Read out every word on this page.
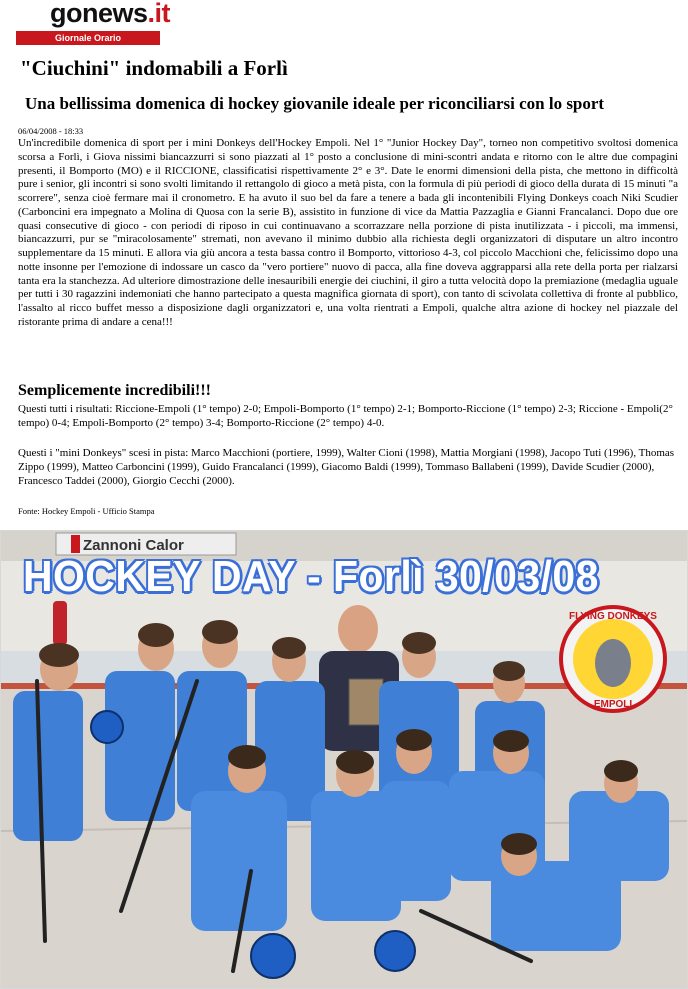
gonews.it
Giornale Orario
"Ciuchini" indomabili a Forlì
Una bellissima domenica di hockey giovanile ideale per riconciliarsi con lo sport
06/04/2008 - 18:33

Un'incredibile domenica di sport per i mini Donkeys dell'Hockey Empoli. Nel 1° "Junior Hockey Day", torneo non competitivo svoltosi domenica scorsa a Forlì, i Giova nissimi biancazzurri si sono piazzati al 1° posto a conclusione di mini-scontri andata e ritorno con le altre due compagini presenti, il Bomporto (MO) e il RICCIONE, classificatisi rispettivamente 2° e 3°. Date le enormi dimensioni della pista, che mettono in difficoltà pure i senior, gli incontri si sono svolti limitando il rettangolo di gioco a metà pista, con la formula di più periodi di gioco della durata di 15 minuti "a scorrere", senza cioè fermare mai il cronometro. E ha avuto il suo bel da fare a tenere a bada gli incontenibili Flying Donkeys coach Niki Scudier (Carboncini era impegnato a Molina di Quosa con la serie B), assistito in funzione di vice da Mattia Pazzaglia e Gianni Francalanci. Dopo due ore quasi consecutive di gioco - con periodi di riposo in cui continuavano a scorrazzare nella porzione di pista inutilizzata - i piccoli, ma immensi, biancazzurri, pur se "miracolosamente" stremati, non avevano il minimo dubbio alla richiesta degli organizzatori di disputare un altro incontro supplementare da 15 minuti. E allora via giù ancora a testa bassa contro il Bomporto, vittorioso 4-3, col piccolo Macchioni che, felicissimo dopo una notte insonne per l'emozione di indossare un casco da "vero portiere" nuovo di pacca, alla fine doveva aggrapparsi alla rete della porta per rialzarsi tanta era la stanchezza. Ad ulteriore dimostrazione delle inesauribili energie dei ciuchini, il giro a tutta velocità dopo la premiazione (medaglia uguale per tutti i 30 ragazzini indemoniati che hanno partecipato a questa magnifica giornata di sport), con tanto di scivolata collettiva di fronte al pubblico, l'assalto al ricco buffet messo a disposizione dagli organizzatori e, una volta rientrati a Empoli, qualche altra azione di hockey nel piazzale del ristorante prima di andare a cena!!!

Semplicemente incredibili!!!
Questi tutti i risultati: Riccione-Empoli (1° tempo) 2-0; Empoli-Bomporto (1° tempo) 2-1; Bomporto-Riccione (1° tempo) 2-3; Riccione - Empoli(2° tempo) 0-4; Empoli-Bomporto (2° tempo) 3-4; Bomporto-Riccione (2° tempo) 4-0.
Questi i "mini Donkeys" scesi in pista: Marco Macchioni (portiere, 1999), Walter Cioni (1998), Mattia Morgiani (1998), Jacopo Tuti (1996), Thomas Zippo (1999), Matteo Carboncini (1999), Guido Francalanci (1999), Giacomo Baldi (1999), Tommaso Ballabeni (1999), Davide Scudier (2000), Francesco Taddei (2000), Giorgio Cecchi (2000).
Fonte: Hockey Empoli - Ufficio Stampa
Zannoni Calor
FLYING DONKEYS
EMPOLI
HOCKEY DAY - Forlì 30/03/08
